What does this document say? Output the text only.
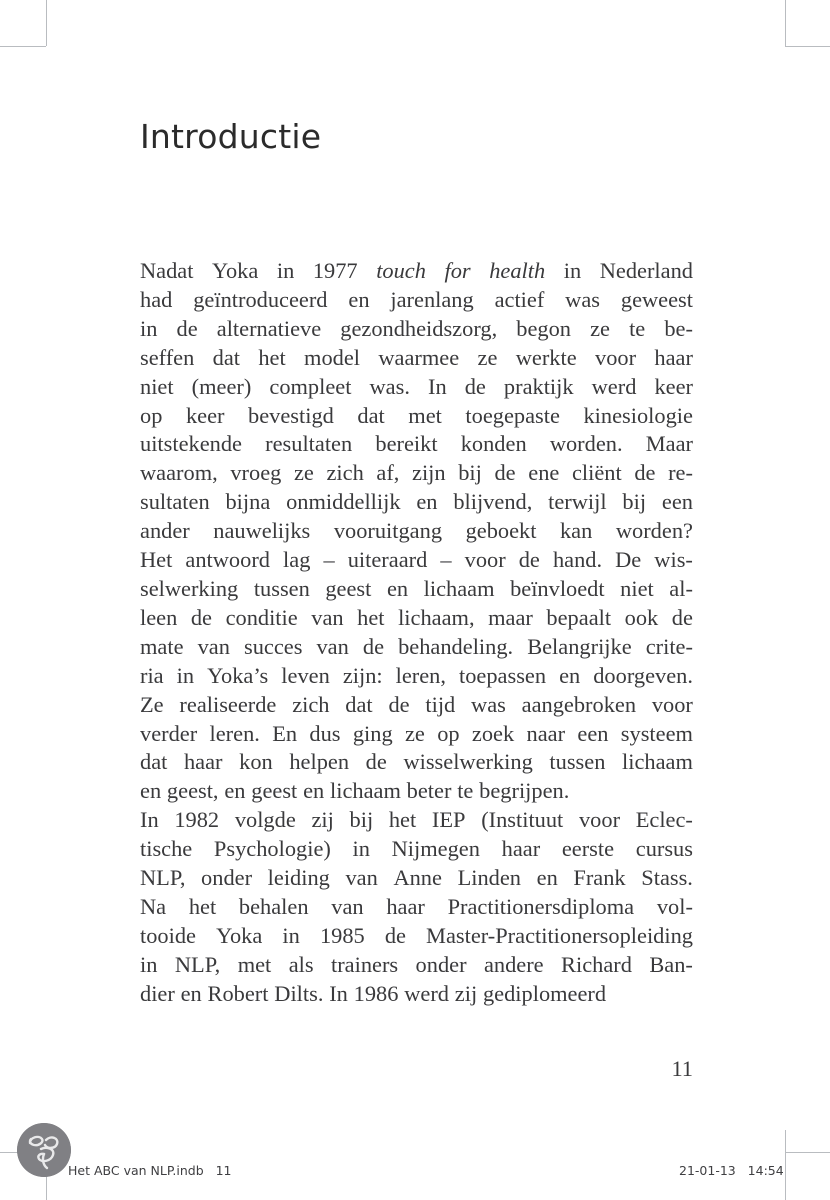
Introductie
Nadat Yoka in 1977 touch for health in Nederland
had geïntroduceerd en jarenlang actief was geweest
in de alternatieve gezondheidszorg, begon ze te be-
seffen dat het model waarmee ze werkte voor haar
niet (meer) compleet was. In de praktijk werd keer
op keer bevestigd dat met toegepaste kinesiologie
uitstekende resultaten bereikt konden worden. Maar
waarom, vroeg ze zich af, zijn bij de ene cliënt de re-
sultaten bijna onmiddellijk en blijvend, terwijl bij een
ander nauwelijks vooruitgang geboekt kan worden?
Het antwoord lag – uiteraard – voor de hand. De wis-
selwerking tussen geest en lichaam beïnvloedt niet al-
leen de conditie van het lichaam, maar bepaalt ook de
mate van succes van de behandeling. Belangrijke crite-
ria in Yoka’s leven zijn: leren, toepassen en doorgeven.
Ze realiseerde zich dat de tijd was aangebroken voor
verder leren. En dus ging ze op zoek naar een systeem
dat haar kon helpen de wisselwerking tussen lichaam
en geest, en geest en lichaam beter te begrijpen.
In 1982 volgde zij bij het IEP (Instituut voor Eclec-
tische Psychologie) in Nijmegen haar eerste cursus
NLP, onder leiding van Anne Linden en Frank Stass.
Na het behalen van haar Practitionersdiploma vol-
tooide Yoka in 1985 de Master-Practitionersopleiding
in NLP, met als trainers onder andere Richard Ban-
dier en Robert Dilts. In 1986 werd zij gediplomeerd
11
Het ABC van NLP.indb   11	21-01-13   14:54
